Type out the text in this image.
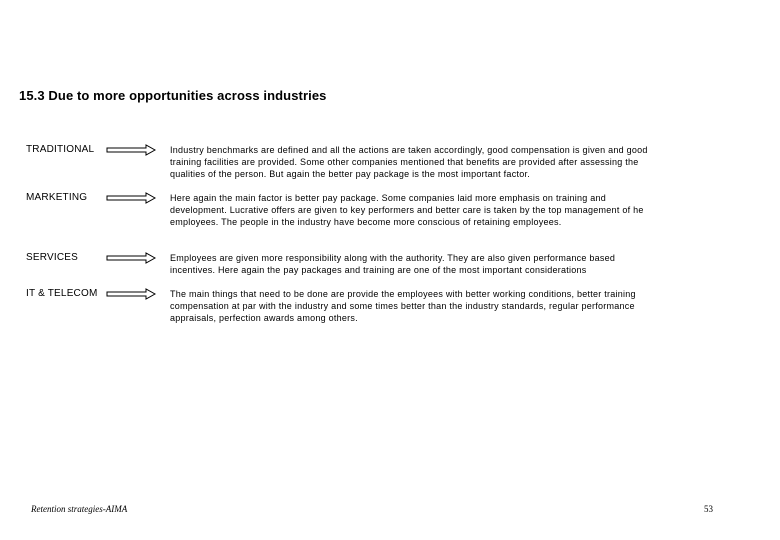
15.3 Due to more opportunities across industries
TRADITIONAL	Industry benchmarks are defined and all the actions are taken accordingly, good compensation is given and good training facilities are provided. Some other companies mentioned that benefits are provided after assessing the qualities of the person. But again the better pay package is the most important factor.
MARKETING	Here again the main factor is better pay package. Some companies laid more emphasis on training and development. Lucrative offers are given to key performers and better care is taken by the top management of he employees. The people in the industry have become more conscious of retaining employees.
SERVICES	Employees are given more responsibility along with the authority. They are also given performance based incentives. Here again the pay packages and training are one of the most important considerations
IT & TELECOM	The main things that need to be done are provide the employees with better working conditions, better training compensation at par with the industry and some times better than the industry standards, regular performance appraisals, perfection awards among others.
Retention strategies-AIMA	53
